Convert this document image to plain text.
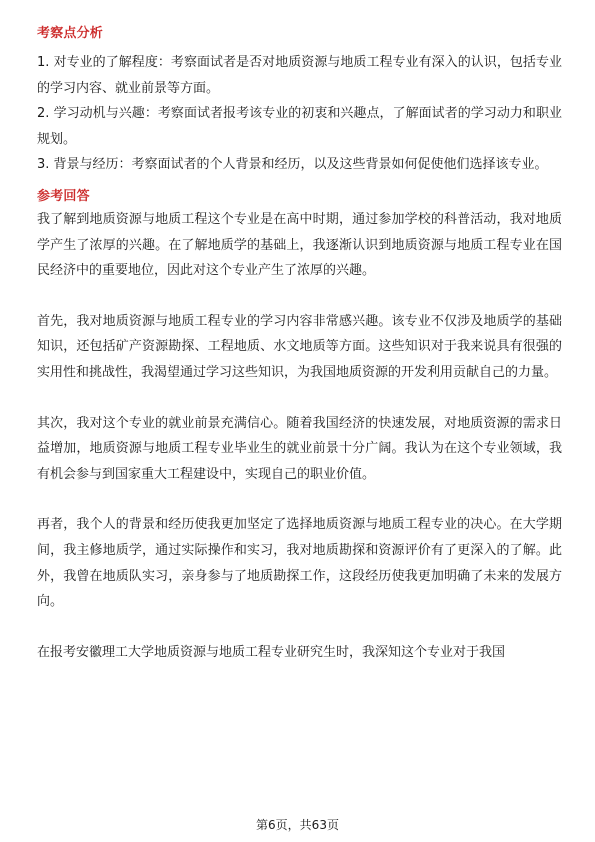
考察点分析

1. 对专业的了解程度：考察面试者是否对地质资源与地质工程专业有深入的认识，包括专业的学习内容、就业前景等方面。

2. 学习动机与兴趣：考察面试者报考该专业的初衷和兴趣点，了解面试者的学习动力和职业规划。

3. 背景与经历：考察面试者的个人背景和经历，以及这些背景如何促使他们选择该专业。

参考回答

我了解到地质资源与地质工程这个专业是在高中时期，通过参加学校的科普活动，我对地质学产生了浓厚的兴趣。在了解地质学的基础上，我逐渐认识到地质资源与地质工程专业在国民经济中的重要地位，因此对这个专业产生了浓厚的兴趣。

首先，我对地质资源与地质工程专业的学习内容非常感兴趣。该专业不仅涉及地质学的基础知识，还包括矿产资源勘探、工程地质、水文地质等方面。这些知识对于我来说具有很强的实用性和挑战性，我渴望通过学习这些知识，为我国地质资源的开发利用贡献自己的力量。

其次，我对这个专业的就业前景充满信心。随着我国经济的快速发展，对地质资源的需求日益增加，地质资源与地质工程专业毕业生的就业前景十分广阔。我认为在这个专业领域，我有机会参与到国家重大工程建设中，实现自己的职业价值。

再者，我个人的背景和经历使我更加坚定了选择地质资源与地质工程专业的决心。在大学期间，我主修地质学，通过实际操作和实习，我对地质勘探和资源评价有了更深入的了解。此外，我曾在地质队实习，亲身参与了地质勘探工作，这段经历使我更加明确了未来的发展方向。

在报考安徽理工大学地质资源与地质工程专业研究生时，我深知这个专业对于我国

第6页，共63页
